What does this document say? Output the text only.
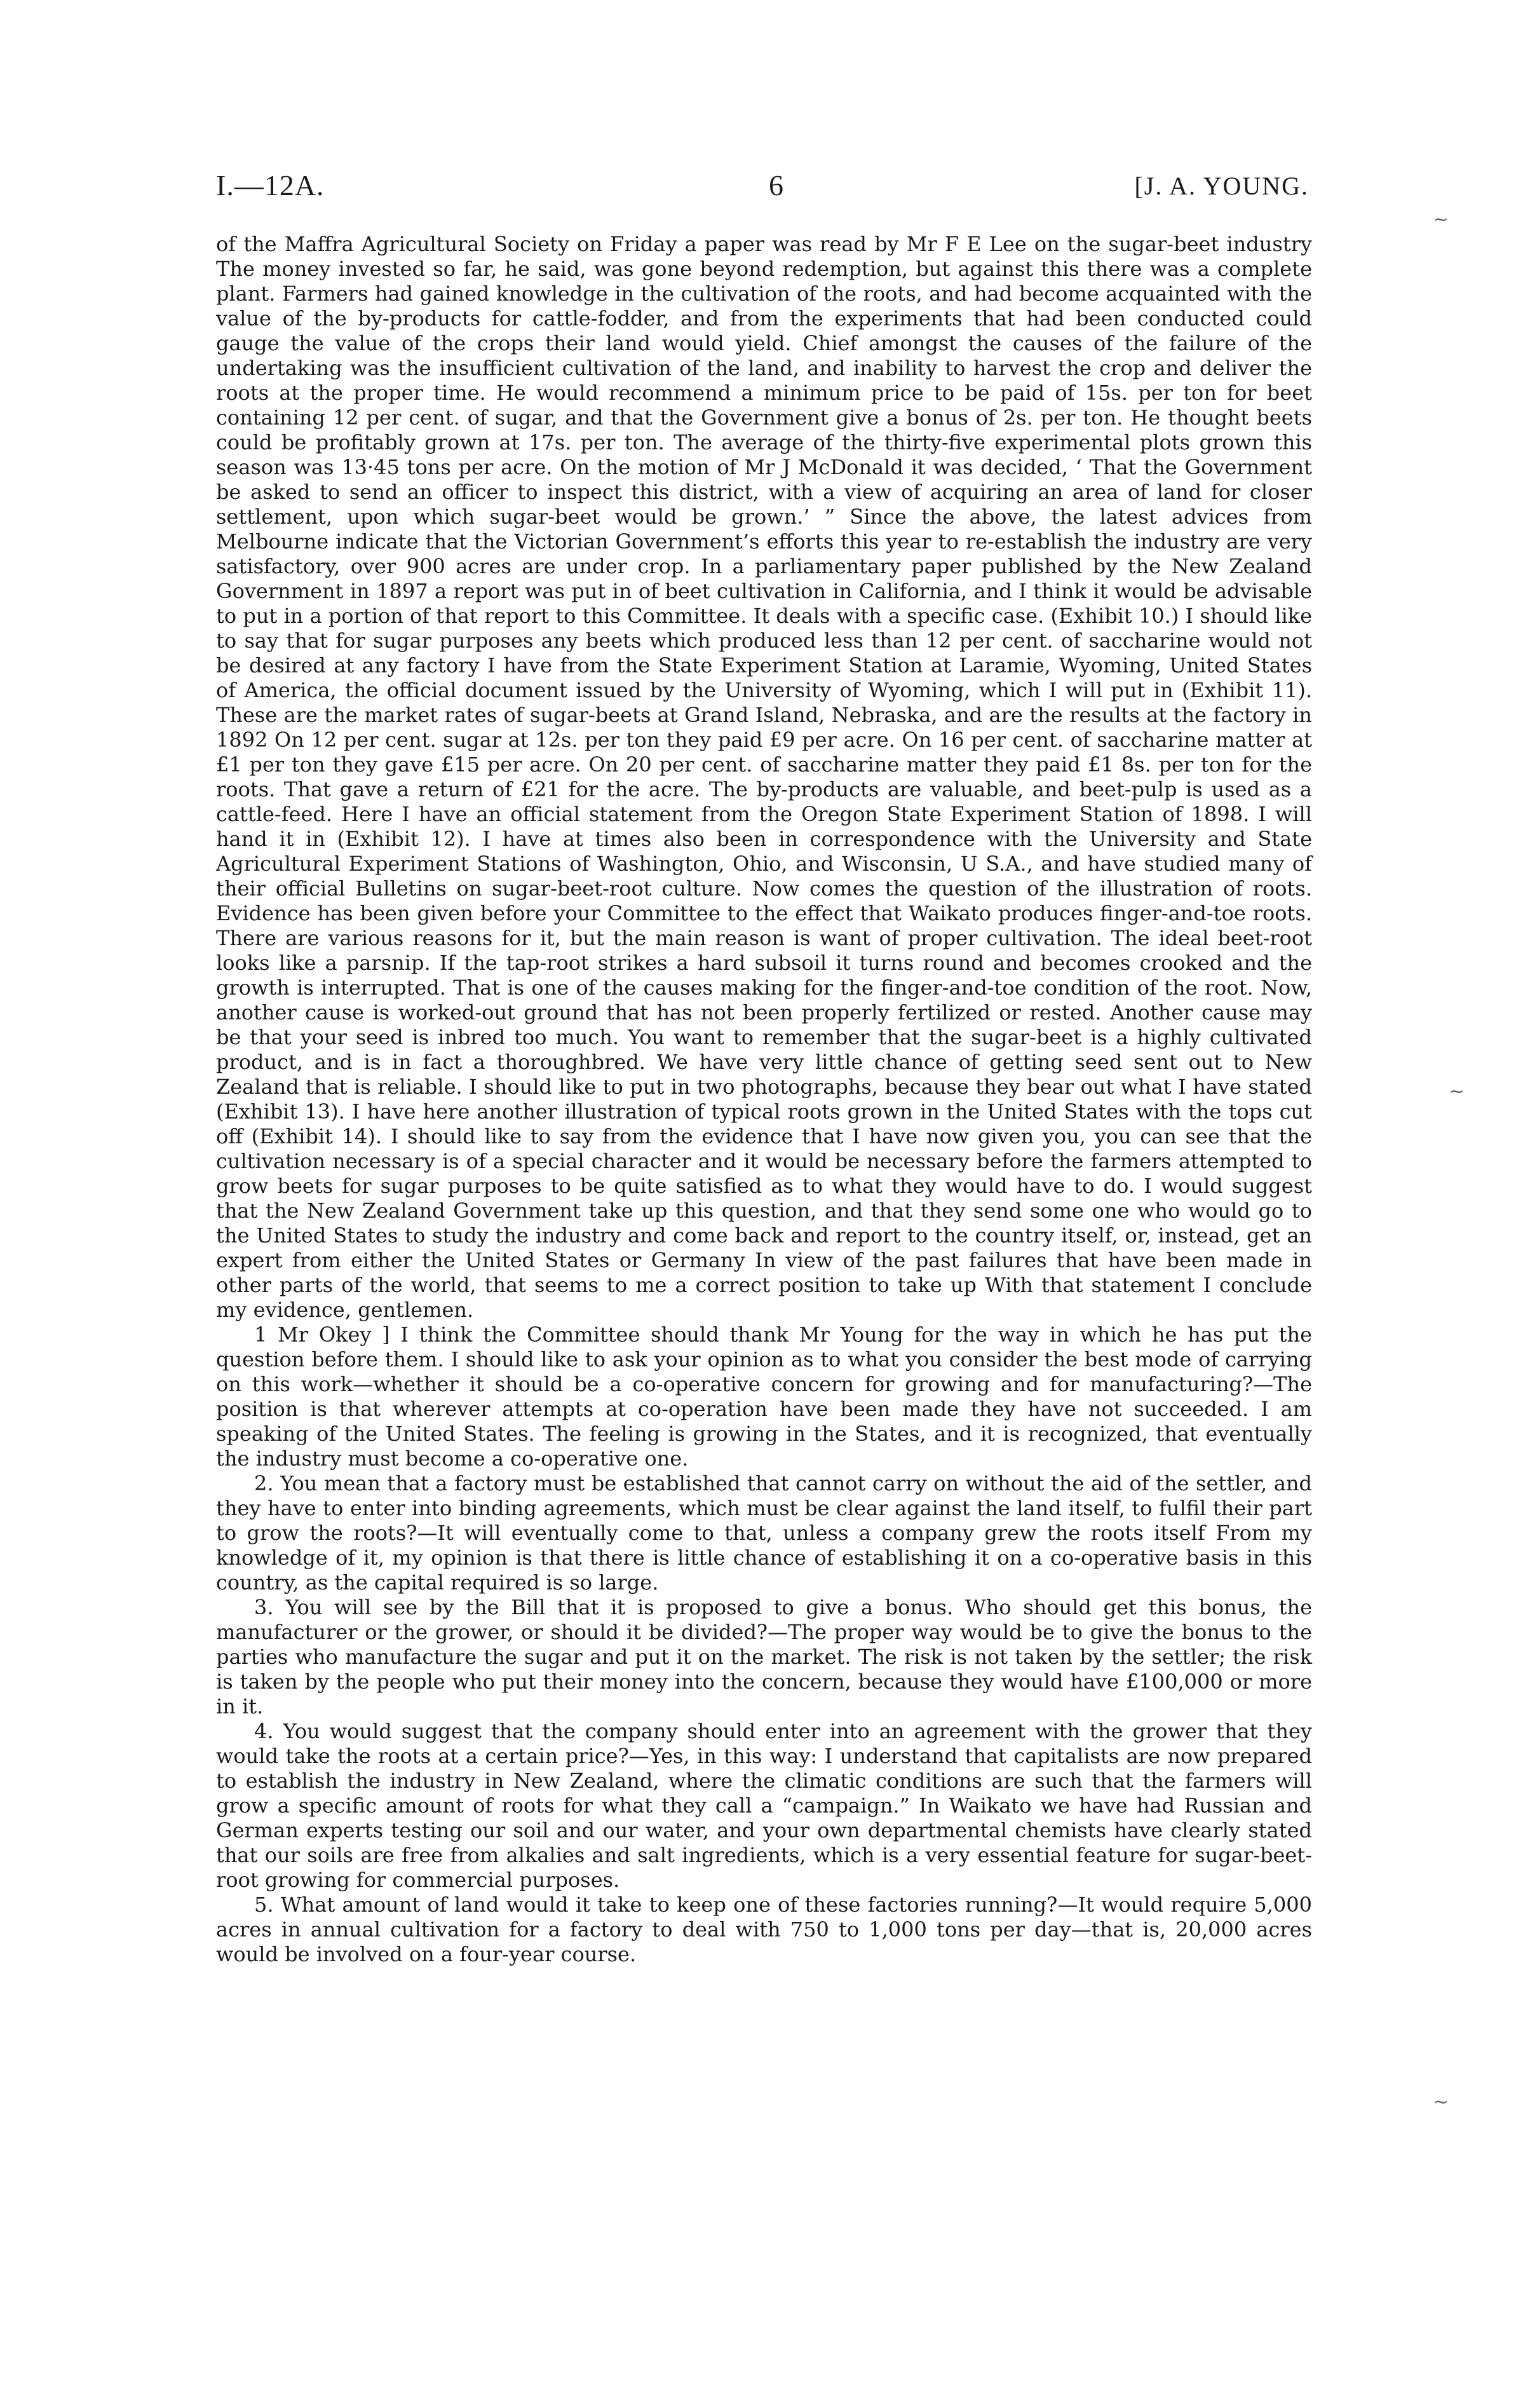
I.—12A.	6	[J. A. YOUNG.
~
~
~

of the Maffra Agricultural Society on Friday a paper was read by Mr F E Lee on the sugar-beet industry The money invested so far, he said, was gone beyond redemption, but against this there was a complete plant. Farmers had gained knowledge in the cultivation of the roots, and had become acquainted with the value of the by-products for cattle-fodder, and from the experiments that had been conducted could gauge the value of the crops their land would yield. Chief amongst the causes of the failure of the undertaking was the insufficient cultivation of the land, and inability to harvest the crop and deliver the roots at the proper time. He would recommend a minimum price to be paid of 15s. per ton for beet containing 12 per cent. of sugar, and that the Government give a bonus of 2s. per ton. He thought beets could be profitably grown at 17s. per ton. The average of the thirty-five experimental plots grown this season was 13·45 tons per acre. On the motion of Mr J McDonald it was decided, ‘ That the Government be asked to send an officer to inspect this district, with a view of acquiring an area of land for closer settlement, upon which sugar-beet would be grown.’ ” Since the above, the latest advices from Melbourne indicate that the Victorian Government’s efforts this year to re-establish the industry are very satisfactory, over 900 acres are under crop. In a parliamentary paper published by the New Zealand Government in 1897 a report was put in of beet cultivation in California, and I think it would be advisable to put in a portion of that report to this Committee. It deals with a specific case. (Exhibit 10.) I should like to say that for sugar purposes any beets which produced less than 12 per cent. of saccharine would not be desired at any factory I have from the State Experiment Station at Laramie, Wyoming, United States of America, the official document issued by the University of Wyoming, which I will put in (Exhibit 11). These are the market rates of sugar-beets at Grand Island, Nebraska, and are the results at the factory in 1892 On 12 per cent. sugar at 12s. per ton they paid £9 per acre. On 16 per cent. of saccharine matter at £1 per ton they gave £15 per acre. On 20 per cent. of saccharine matter they paid £1 8s. per ton for the roots. That gave a return of £21 for the acre. The by-products are valuable, and beet-pulp is used as a cattle-feed. Here I have an official statement from the Oregon State Experiment Station of 1898. I will hand it in (Exhibit 12). I have at times also been in correspondence with the University and State Agricultural Experiment Stations of Washington, Ohio, and Wisconsin, U S.A., and have studied many of their official Bulletins on sugar-beet-root culture. Now comes the question of the illustration of roots. Evidence has been given before your Committee to the effect that Waikato produces finger-and-toe roots. There are various reasons for it, but the main reason is want of proper cultivation. The ideal beet-root looks like a parsnip. If the tap-root strikes a hard subsoil it turns round and becomes crooked and the growth is interrupted. That is one of the causes making for the finger-and-toe condition of the root. Now, another cause is worked-out ground that has not been properly fertilized or rested. Another cause may be that your seed is inbred too much. You want to remember that the sugar-beet is a highly cultivated product, and is in fact a thoroughbred. We have very little chance of getting seed sent out to New Zealand that is reliable. I should like to put in two photographs, because they bear out what I have stated (Exhibit 13). I have here another illustration of typical roots grown in the United States with the tops cut off (Exhibit 14). I should like to say from the evidence that I have now given you, you can see that the cultivation necessary is of a special character and it would be necessary before the farmers attempted to grow beets for sugar purposes to be quite satisfied as to what they would have to do. I would suggest that the New Zealand Government take up this question, and that they send some one who would go to the United States to study the industry and come back and report to the country itself, or, instead, get an expert from either the United States or Germany In view of the past failures that have been made in other parts of the world, that seems to me a correct position to take up With that statement I conclude my evidence, gentlemen.

1 Mr Okey ] I think the Committee should thank Mr Young for the way in which he has put the question before them. I should like to ask your opinion as to what you consider the best mode of carrying on this work—whether it should be a co-operative concern for growing and for manufacturing?—The position is that wherever attempts at co-operation have been made they have not succeeded. I am speaking of the United States. The feeling is growing in the States, and it is recognized, that eventually the industry must become a co-operative one.

2. You mean that a factory must be established that cannot carry on without the aid of the settler, and they have to enter into binding agreements, which must be clear against the land itself, to fulfil their part to grow the roots?—It will eventually come to that, unless a company grew the roots itself From my knowledge of it, my opinion is that there is little chance of establishing it on a co-operative basis in this country, as the capital required is so large.

3. You will see by the Bill that it is proposed to give a bonus. Who should get this bonus, the manufacturer or the grower, or should it be divided?—The proper way would be to give the bonus to the parties who manufacture the sugar and put it on the market. The risk is not taken by the settler; the risk is taken by the people who put their money into the concern, because they would have £100,000 or more in it.

4. You would suggest that the company should enter into an agreement with the grower that they would take the roots at a certain price?—Yes, in this way: I understand that capitalists are now prepared to establish the industry in New Zealand, where the climatic conditions are such that the farmers will grow a specific amount of roots for what they call a “campaign.” In Waikato we have had Russian and German experts testing our soil and our water, and your own departmental chemists have clearly stated that our soils are free from alkalies and salt ingredients, which is a very essential feature for sugar-beet-root growing for commercial purposes.

5. What amount of land would it take to keep one of these factories running?—It would require 5,000 acres in annual cultivation for a factory to deal with 750 to 1,000 tons per day—that is, 20,000 acres would be involved on a four-year course.
